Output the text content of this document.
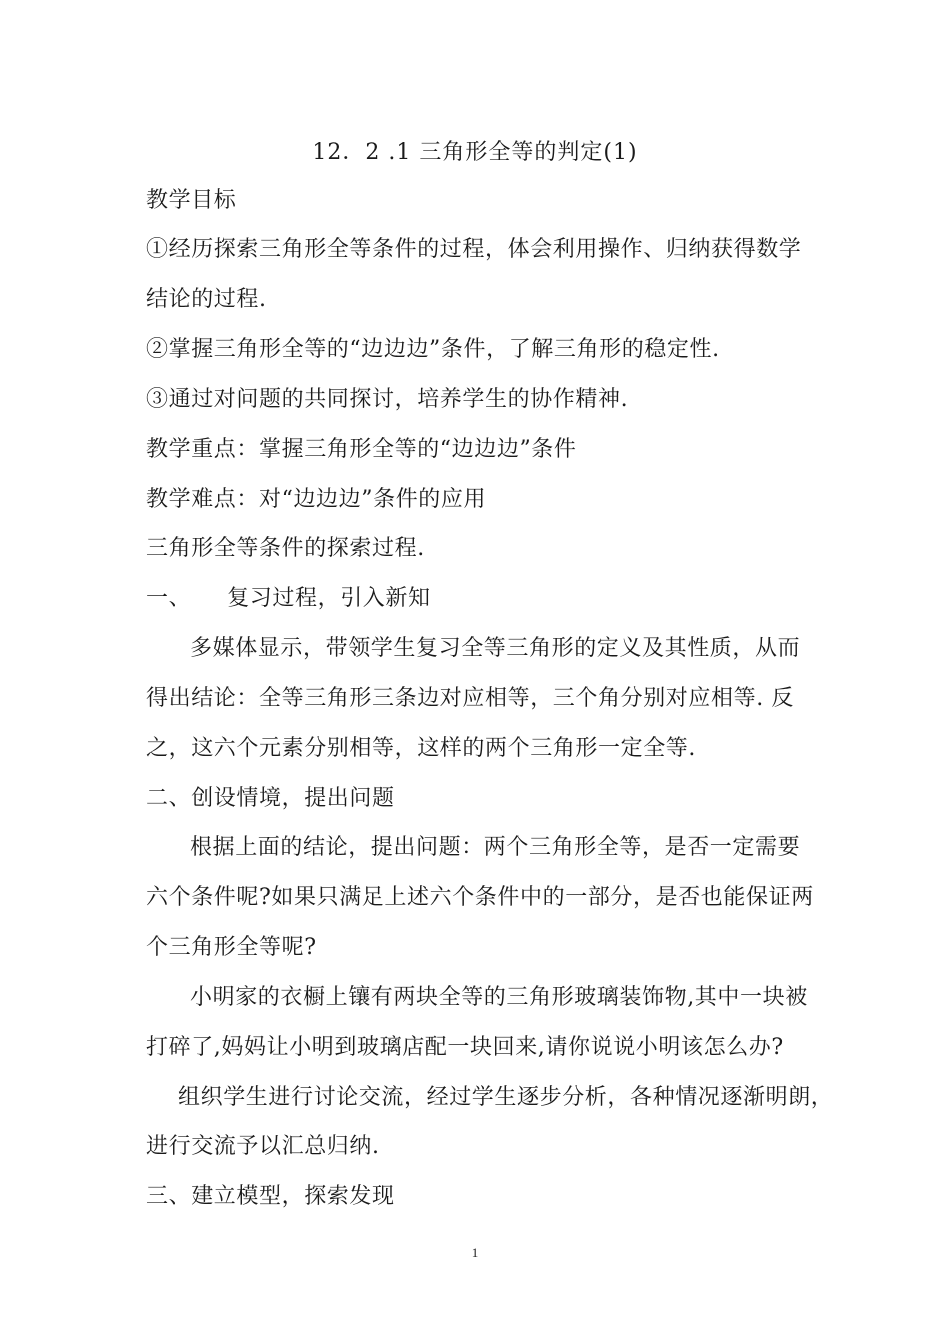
12．2 .1 三角形全等的判定(1)
教学目标
①经历探索三角形全等条件的过程，体会利用操作、归纳获得数学
结论的过程.
②掌握三角形全等的“边边边”条件，了解三角形的稳定性.
③通过对问题的共同探讨，培养学生的协作精神.
教学重点：掌握三角形全等的“边边边”条件
教学难点：对“边边边”条件的应用
三角形全等条件的探索过程.
一、 复习过程，引入新知
多媒体显示，带领学生复习全等三角形的定义及其性质，从而
得出结论：全等三角形三条边对应相等，三个角分别对应相等. 反
之，这六个元素分别相等，这样的两个三角形一定全等.
二、创设情境，提出问题
根据上面的结论，提出问题：两个三角形全等，是否一定需要
六个条件呢?如果只满足上述六个条件中的一部分，是否也能保证两
个三角形全等呢?
小明家的衣橱上镶有两块全等的三角形玻璃装饰物,其中一块被
打碎了,妈妈让小明到玻璃店配一块回来,请你说说小明该怎么办?
组织学生进行讨论交流，经过学生逐步分析，各种情况逐渐明朗，
进行交流予以汇总归纳.
三、建立模型，探索发现
1
